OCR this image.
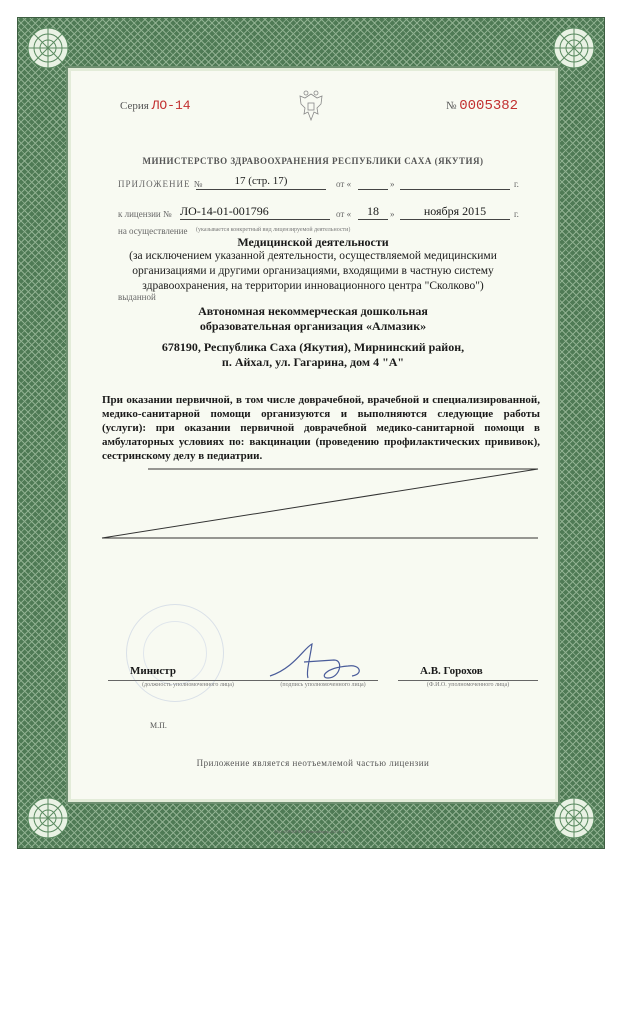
Серия ЛО-14	№ 0005382
МИНИСТЕРСТВО ЗДРАВООХРАНЕНИЯ РЕСПУБЛИКИ САХА (ЯКУТИЯ)
ПРИЛОЖЕНИЕ №	17 (стр. 17)	от «	»	г.
к лицензии № ЛО-14-01-001796	от «	18	»	ноября 2015	г.
на осуществление (указывается конкретный вид лицензируемой деятельности)
Медицинской деятельности
(за исключением указанной деятельности, осуществляемой медицинскими
организациями и другими организациями, входящими в частную систему
здравоохранения, на территории инновационного центра "Сколково")
выданной
Автономная некоммерческая дошкольная
образовательная организация «Алмазик»
678190, Республика Саха (Якутия), Мирнинский район,
п. Айхал, ул. Гагарина, дом 4 "А"
При оказании первичной, в том числе доврачебной, врачебной и специализированной, медико-санитарной помощи организуются и выполняются следующие работы (услуги): при оказании первичной доврачебной медико-санитарной помощи в амбулаторных условиях по: вакцинации (проведению профилактических прививок), сестринскому делу в педиатрии.
Министр
(должность уполномоченного лица)	(подпись уполномоченного лица)
А.В. Горохов
(Ф.И.О. уполномоченного лица)
М.П.
Приложение является неотъемлемой частью лицензии
ЗАО «ОПЦИОН», Новосибирск, 2015, «Б»
